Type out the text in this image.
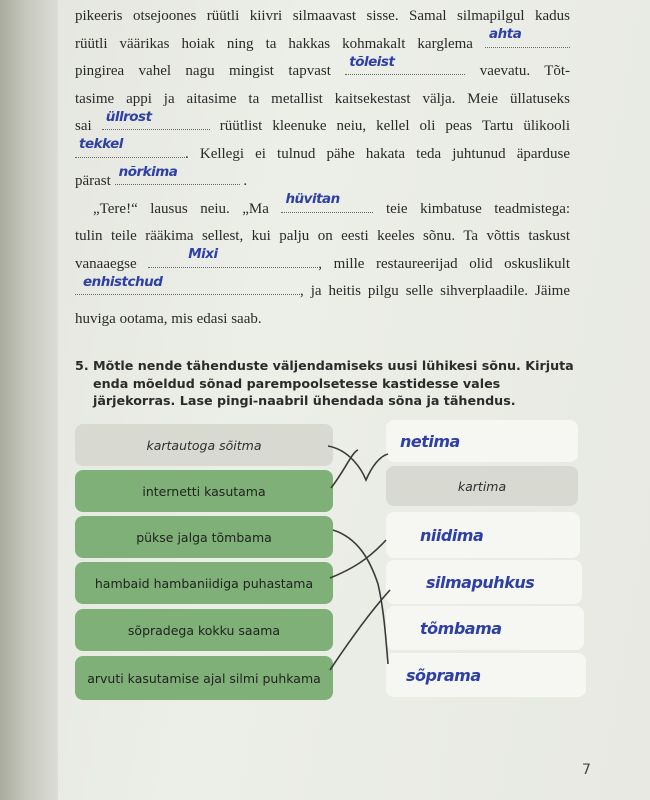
pikeeris otsejoones rüütli kiivri silmaavast sisse. Samal silmapilgul kadus
rüütli väärikas hoiak ning ta hakkas kohmakalt karglema
ahta
pingirea vahel nagu mingist tapvast
tõleist
vaevatu. Tõt-
tasime appi ja aitasime ta metallist kaitsekestast välja. Meie üllatuseks
sai
üllrost
rüütlist kleenuke neiu, kellel oli peas Tartu ülikooli
tekkel
. Kellegi ei tulnud pähe hakata teda juhtunud äparduse
pärast
nõrkima
.
„Tere!“ lausus neiu. „Ma
hüvitan
teie kimbatuse teadmistega:
tulin teile rääkima sellest, kui palju on eesti keeles sõnu. Ta võttis taskust
vanaaegse
Mixi
, mille restaureerijad olid oskuslikult
enhistchud
, ja heitis pilgu selle sihverplaadile. Jäime
huviga ootama, mis edasi saab.
5. Mõtle nende tähenduste väljendamiseks uusi lühikesi sõnu. Kirjuta enda mõeldud sõnad parempoolsetesse kastidesse vales järjekorras. Lase pingi-naabril ühendada sõna ja tähendus.
kartautoga sõitma
internetti kasutama
pükse jalga tõmbama
hambaid hambaniidiga puhastama
sõpradega kokku saama
arvuti kasutamise ajal silmi puhkama
netima
kartima
niidima
silmapuhkus
tõmbama
sõprama
7
